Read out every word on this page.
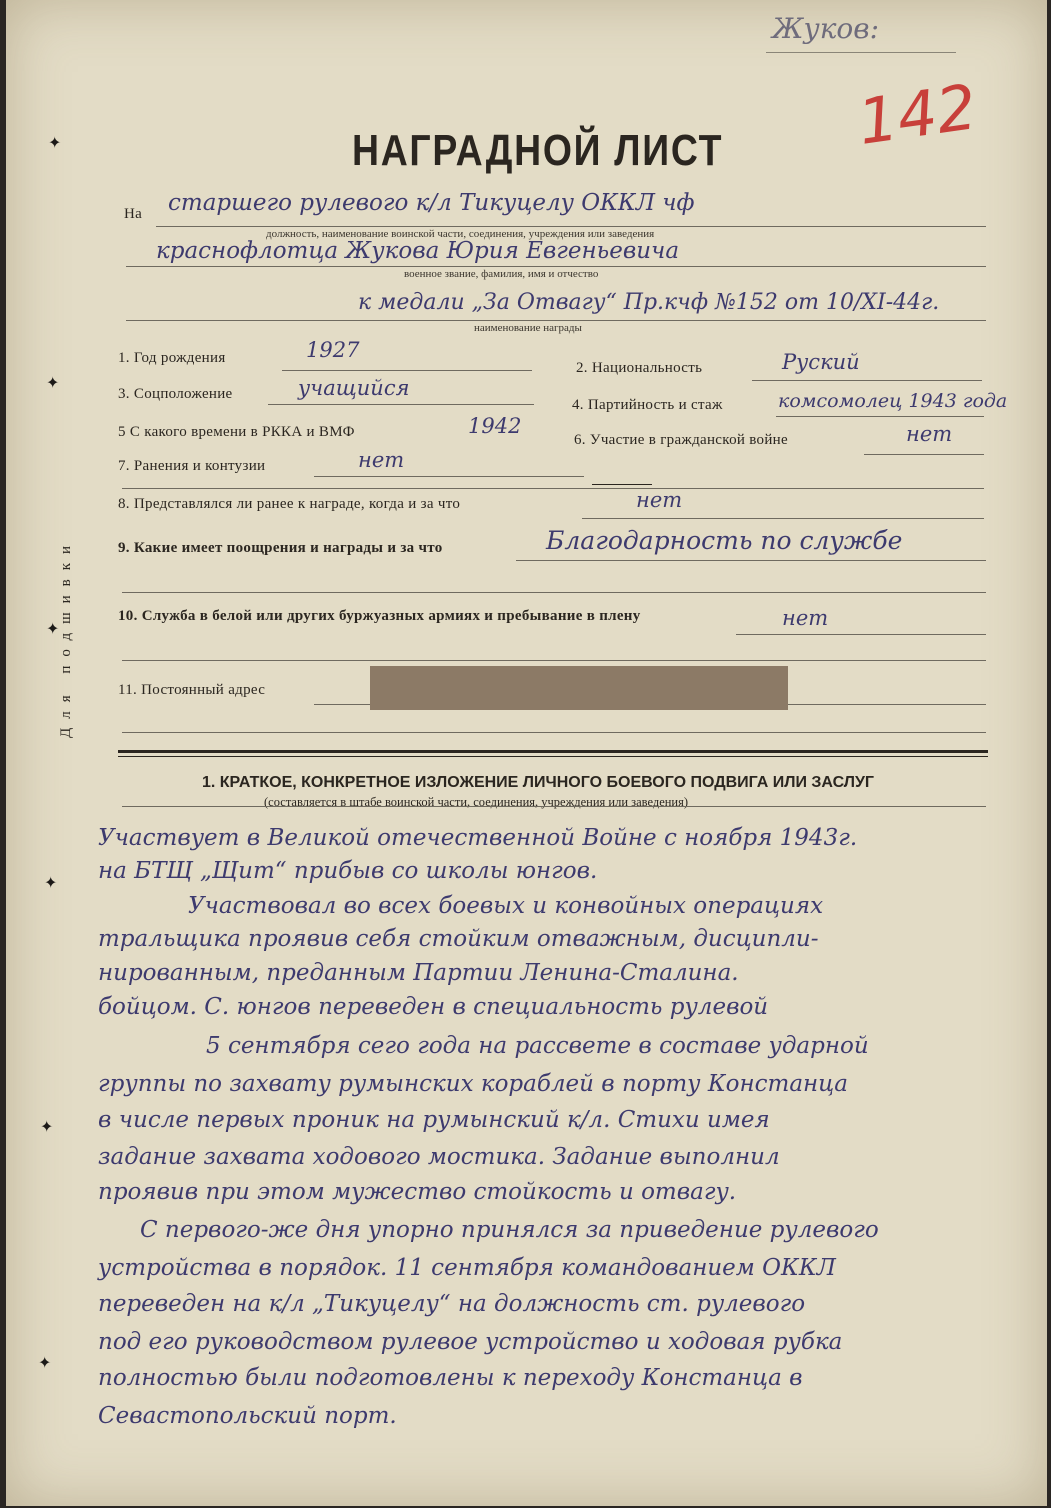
✦
✦
✦
✦
✦
✦
Для подшивки
Жуков:
142
НАГРАДНОЙ ЛИСТ
На старшего рулевого к/л Тикуцелу ОККЛ чф
должность, наименование воинской части, соединения, учреждения или заведения
краснофлотца Жукова Юрия Евгеньевича
военное звание, фамилия, имя и отчество
к медали „За Отвагу“ Пр.кчф №152 от 10/XI-44г.
наименование награды
1. Год рождения	1927
3. Соцположение	учащийся
5 С какого времени в РККА и ВМФ	1942
7. Ранения и контузии	нет
2. Национальность	Руский
4. Партийность и стаж	комсомолец 1943 года
6. Участие в гражданской войне	нет
8. Представлялся ли ранее к награде, когда и за что	нет
9. Какие имеет поощрения и награды и за что	Благодарность по службе
10. Служба в белой или других буржуазных армиях и пребывание в плену	нет
11. Постоянный адрес
1. КРАТКОЕ, КОНКРЕТНОЕ ИЗЛОЖЕНИЕ ЛИЧНОГО БОЕВОГО ПОДВИГА ИЛИ ЗАСЛУГ
(составляется в штабе воинской части, соединения, учреждения или заведения)
Участвует в Великой отечественной Войне с ноября 1943г.
на БТЩ „Щит“ прибыв со школы юнгов.
Участвовал во всех боевых и конвойных операциях
тральщика проявив себя стойким отважным, дисципли-
нированным, преданным Партии Ленина-Сталина.
бойцом. С. юнгов переведен в специальность рулевой
5 сентября сего года на рассвете в составе ударной
группы по захвату румынских кораблей в порту Констанца
в числе первых проник на румынский к/л. Стихи имея
задание захвата ходового мостика. Задание выполнил
проявив при этом мужество стойкость и отвагу.
С первого-же дня упорно принялся за приведение рулевого
устройства в порядок. 11 сентября командованием ОККЛ
переведен на к/л „Тикуцелу“ на должность ст. рулевого
под его руководством рулевое устройство и ходовая рубка
полностью были подготовлены к переходу Констанца в
Севастопольский порт.
